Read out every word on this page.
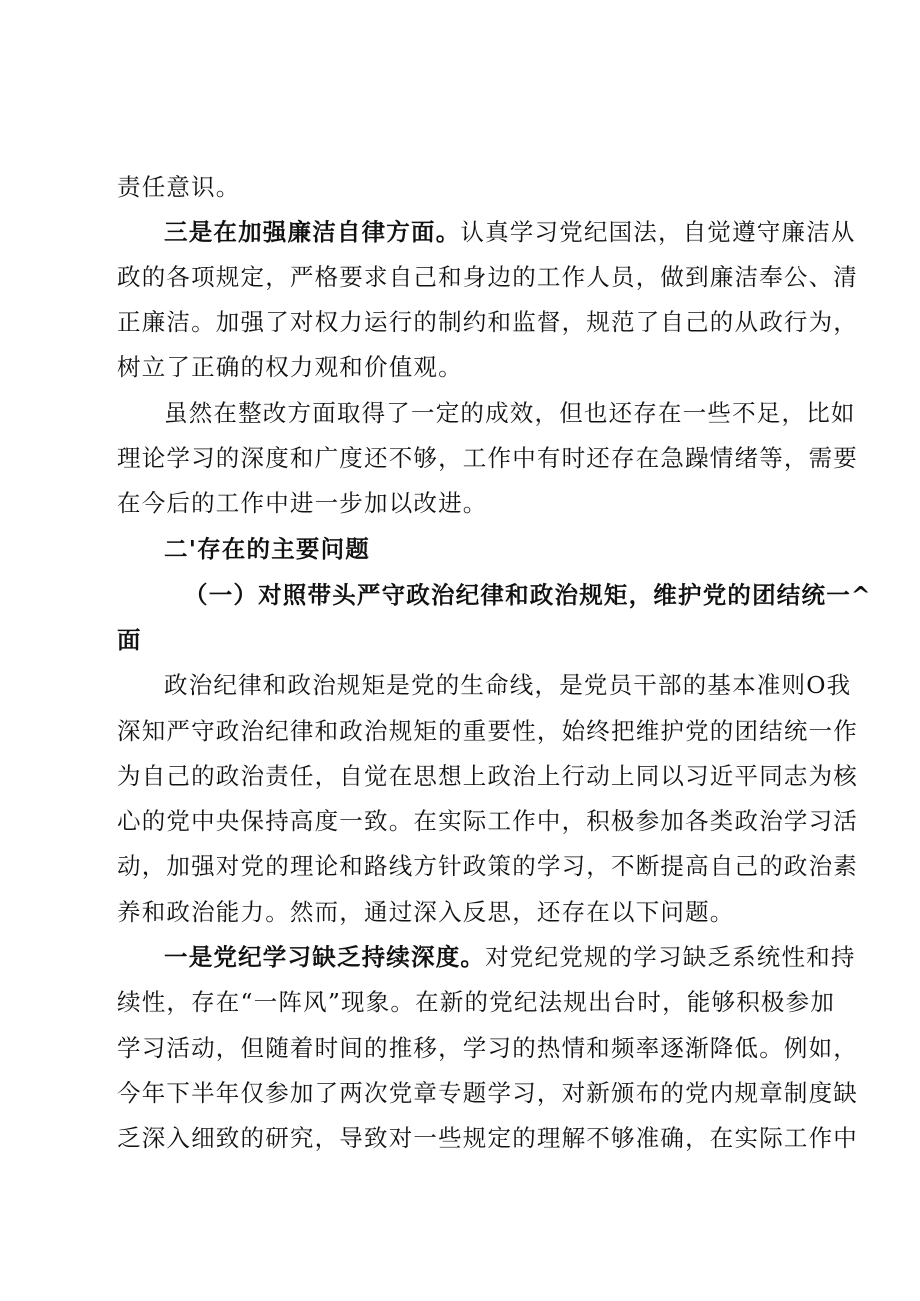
责任意识。
三是在加强廉洁自律方面。认真学习党纪国法，自觉遵守廉洁从
政的各项规定，严格要求自己和身边的工作人员，做到廉洁奉公、清
正廉洁。加强了对权力运行的制约和监督，规范了自己的从政行为，
树立了正确的权力观和价值观。
虽然在整改方面取得了一定的成效，但也还存在一些不足，比如
理论学习的深度和广度还不够，工作中有时还存在急躁情绪等，需要
在今后的工作中进一步加以改进。
二'存在的主要问题
（一）对照带头严守政治纪律和政治规矩，维护党的团结统一^
面
政治纪律和政治规矩是党的生命线，是党员干部的基本准则O我
深知严守政治纪律和政治规矩的重要性，始终把维护党的团结统一作
为自己的政治责任，自觉在思想上政治上行动上同以习近平同志为核
心的党中央保持高度一致。在实际工作中，积极参加各类政治学习活
动，加强对党的理论和路线方针政策的学习，不断提高自己的政治素
养和政治能力。然而，通过深入反思，还存在以下问题。
一是党纪学习缺乏持续深度。对党纪党规的学习缺乏系统性和持
续性，存在“一阵风”现象。在新的党纪法规出台时，能够积极参加
学习活动，但随着时间的推移，学习的热情和频率逐渐降低。例如，
今年下半年仅参加了两次党章专题学习，对新颁布的党内规章制度缺
乏深入细致的研究，导致对一些规定的理解不够准确，在实际工作中
